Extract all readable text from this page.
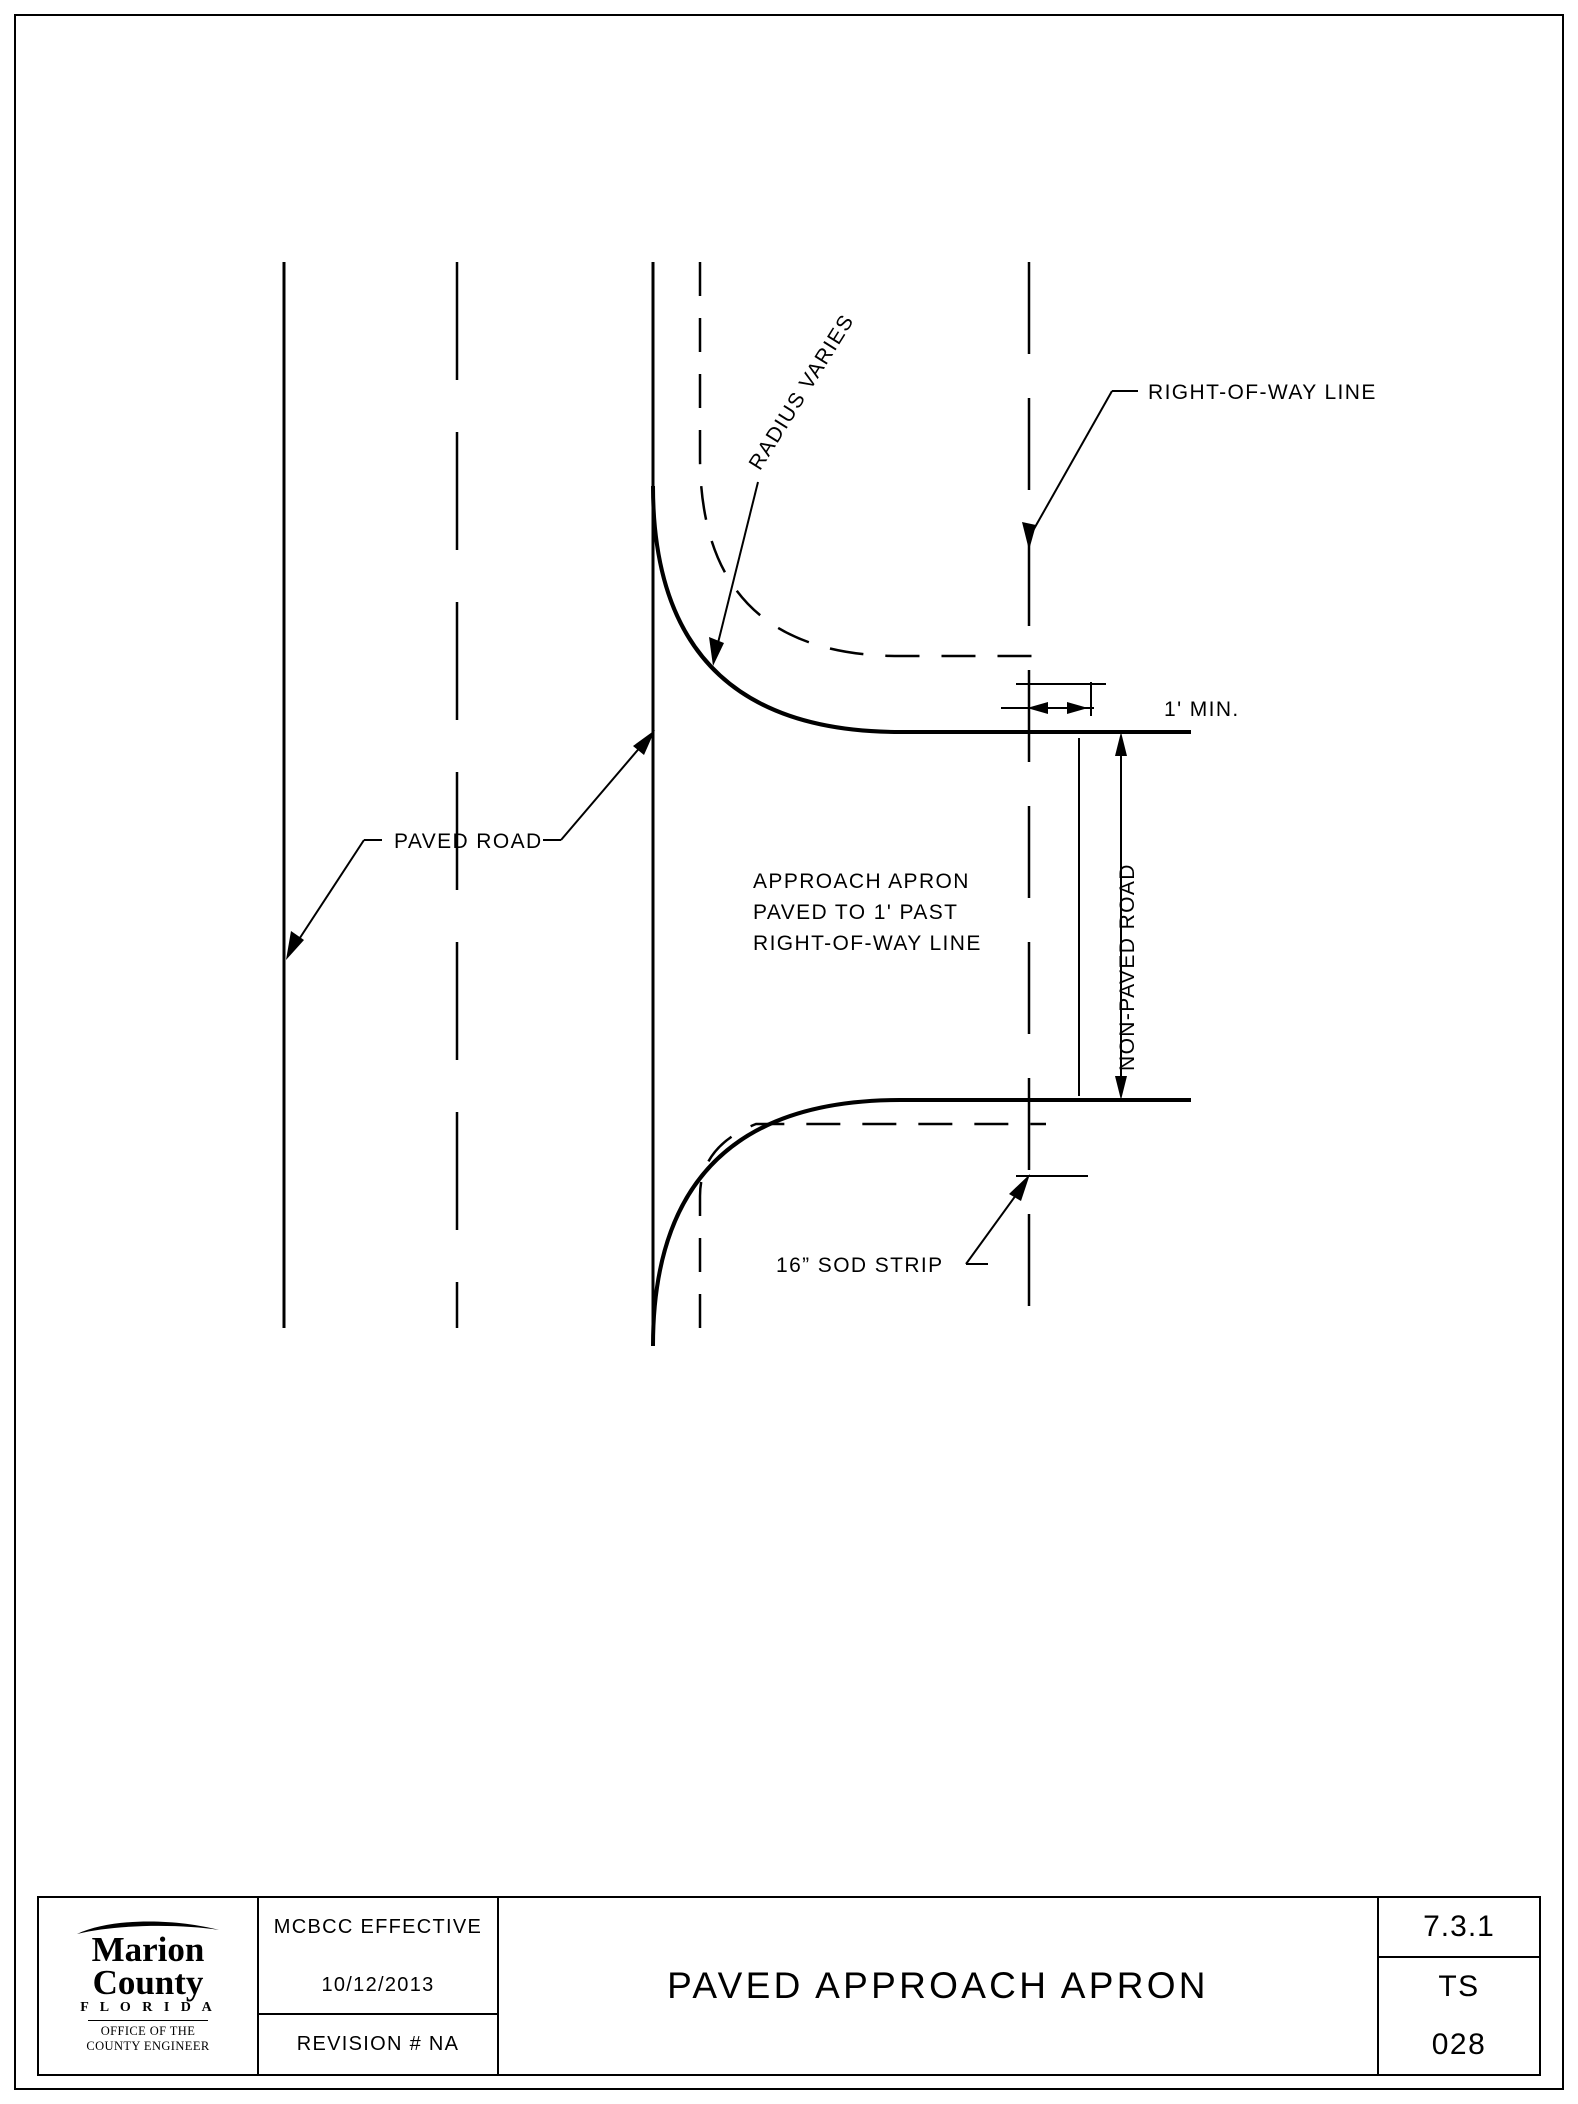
1' MIN.
RIGHT-OF-WAY LINE
RADIUS VARIES
PAVED ROAD
NON-PAVED ROAD
APPROACH APRON
PAVED TO 1' PAST
RIGHT-OF-WAY LINE
16” SOD STRIP
Marion
County
F L O R I D A
OFFICE OF THE
COUNTY ENGINEER
MCBCC EFFECTIVE
10/12/2013
REVISION # NA
PAVED APPROACH APRON
7.3.1
TS
028
